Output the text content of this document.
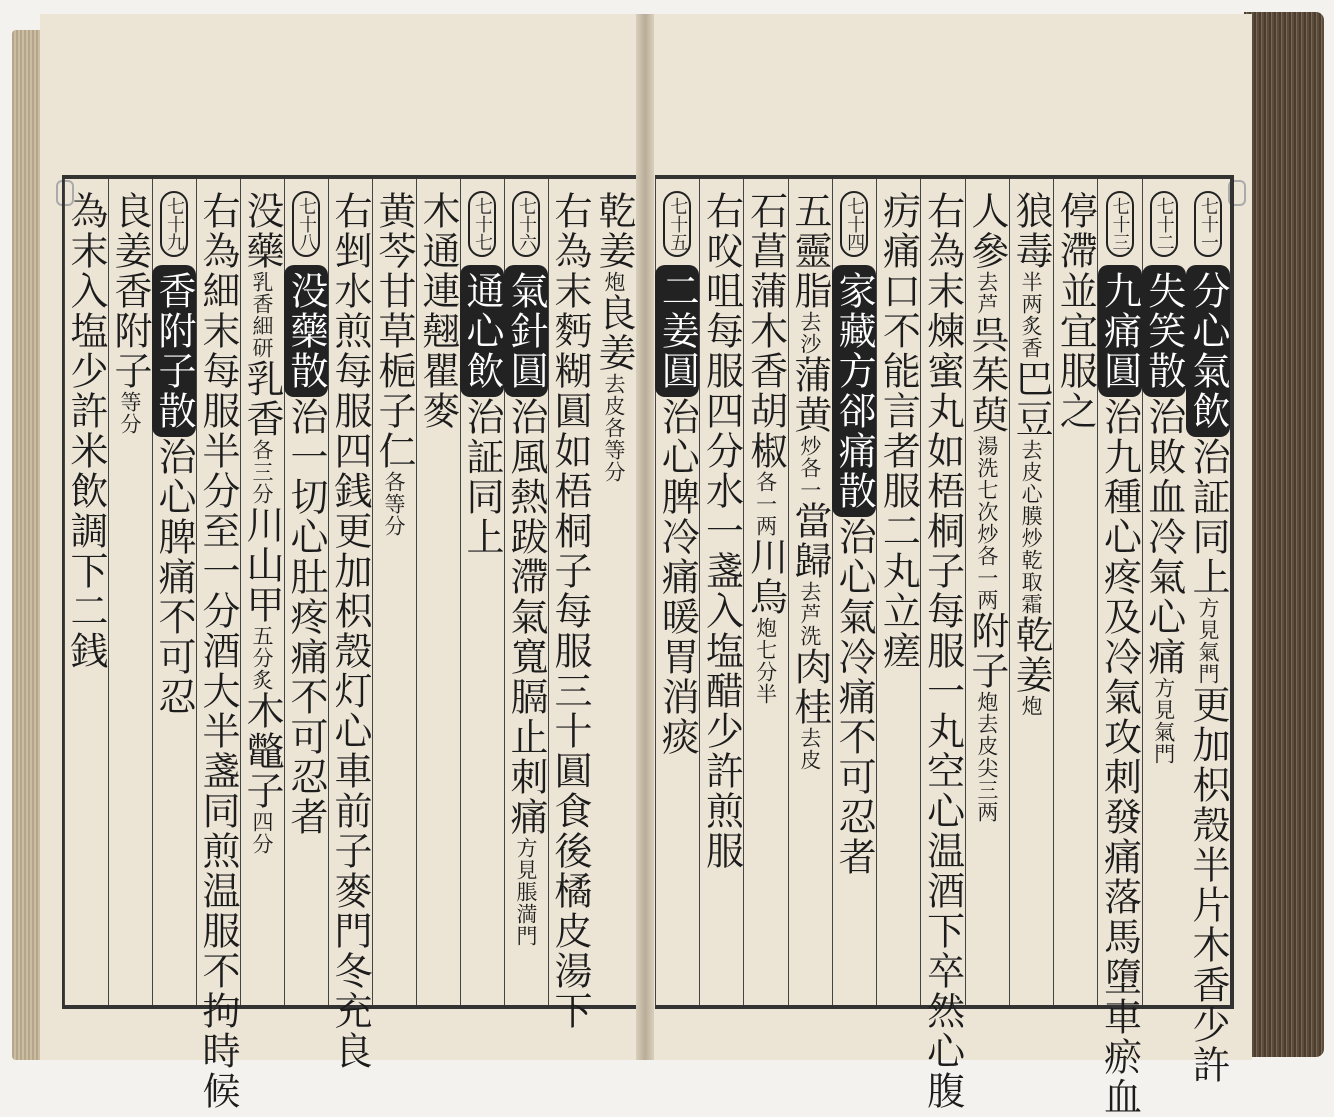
七十一分心氣飲治証同上方見氣門更加枳殼半片木香少許
七十二失笑散治敗血冷氣心痛方見氣門
七十三九痛圓治九種心疼及冷氣攻刺發痛落馬墮車瘀血
停滯並宜服之
狼毒半两炙香巴豆去皮心膜炒乾取霜乾姜炮
人參去芦呉茱萸湯洗七次炒各一两附子炮去皮尖三两
右為末煉蜜丸如梧桐子每服一丸空心温酒下卒然心腹
疠痛口不能言者服二丸立瘥
七十四家藏方郤痛散治心氣冷痛不可忍者
五靈脂去沙蒲黄炒各一當歸去芦洗肉桂去皮
石菖蒲木香胡椒各一两川烏炮七分半
右㕮咀每服四分水一盞入塩醋少許煎服
七十五二姜圓治心脾冷痛暖胃消痰
乾姜炮良姜去皮各等分
右為末麪糊圓如梧桐子每服三十圓食後橘皮湯下
七十六氣針圓治風熱跋滯氣寬膈止刺痛方見脹満門
七十七通心飲治証同上
木通連翹瞿麥
黄芩甘草梔子仁各等分
右剉水煎每服四銭更加枳殼灯心車前子麥門冬充良
七十八没藥散治一切心肚疼痛不可忍者
没藥乳香細研乳香各三分川山甲五分炙木鼈子四分
右為細末每服半分至一分酒大半盞同煎温服不拘時候
七十九香附子散治心脾痛不可忍
良姜香附子等分
為末入塩少許米飲調下二銭
